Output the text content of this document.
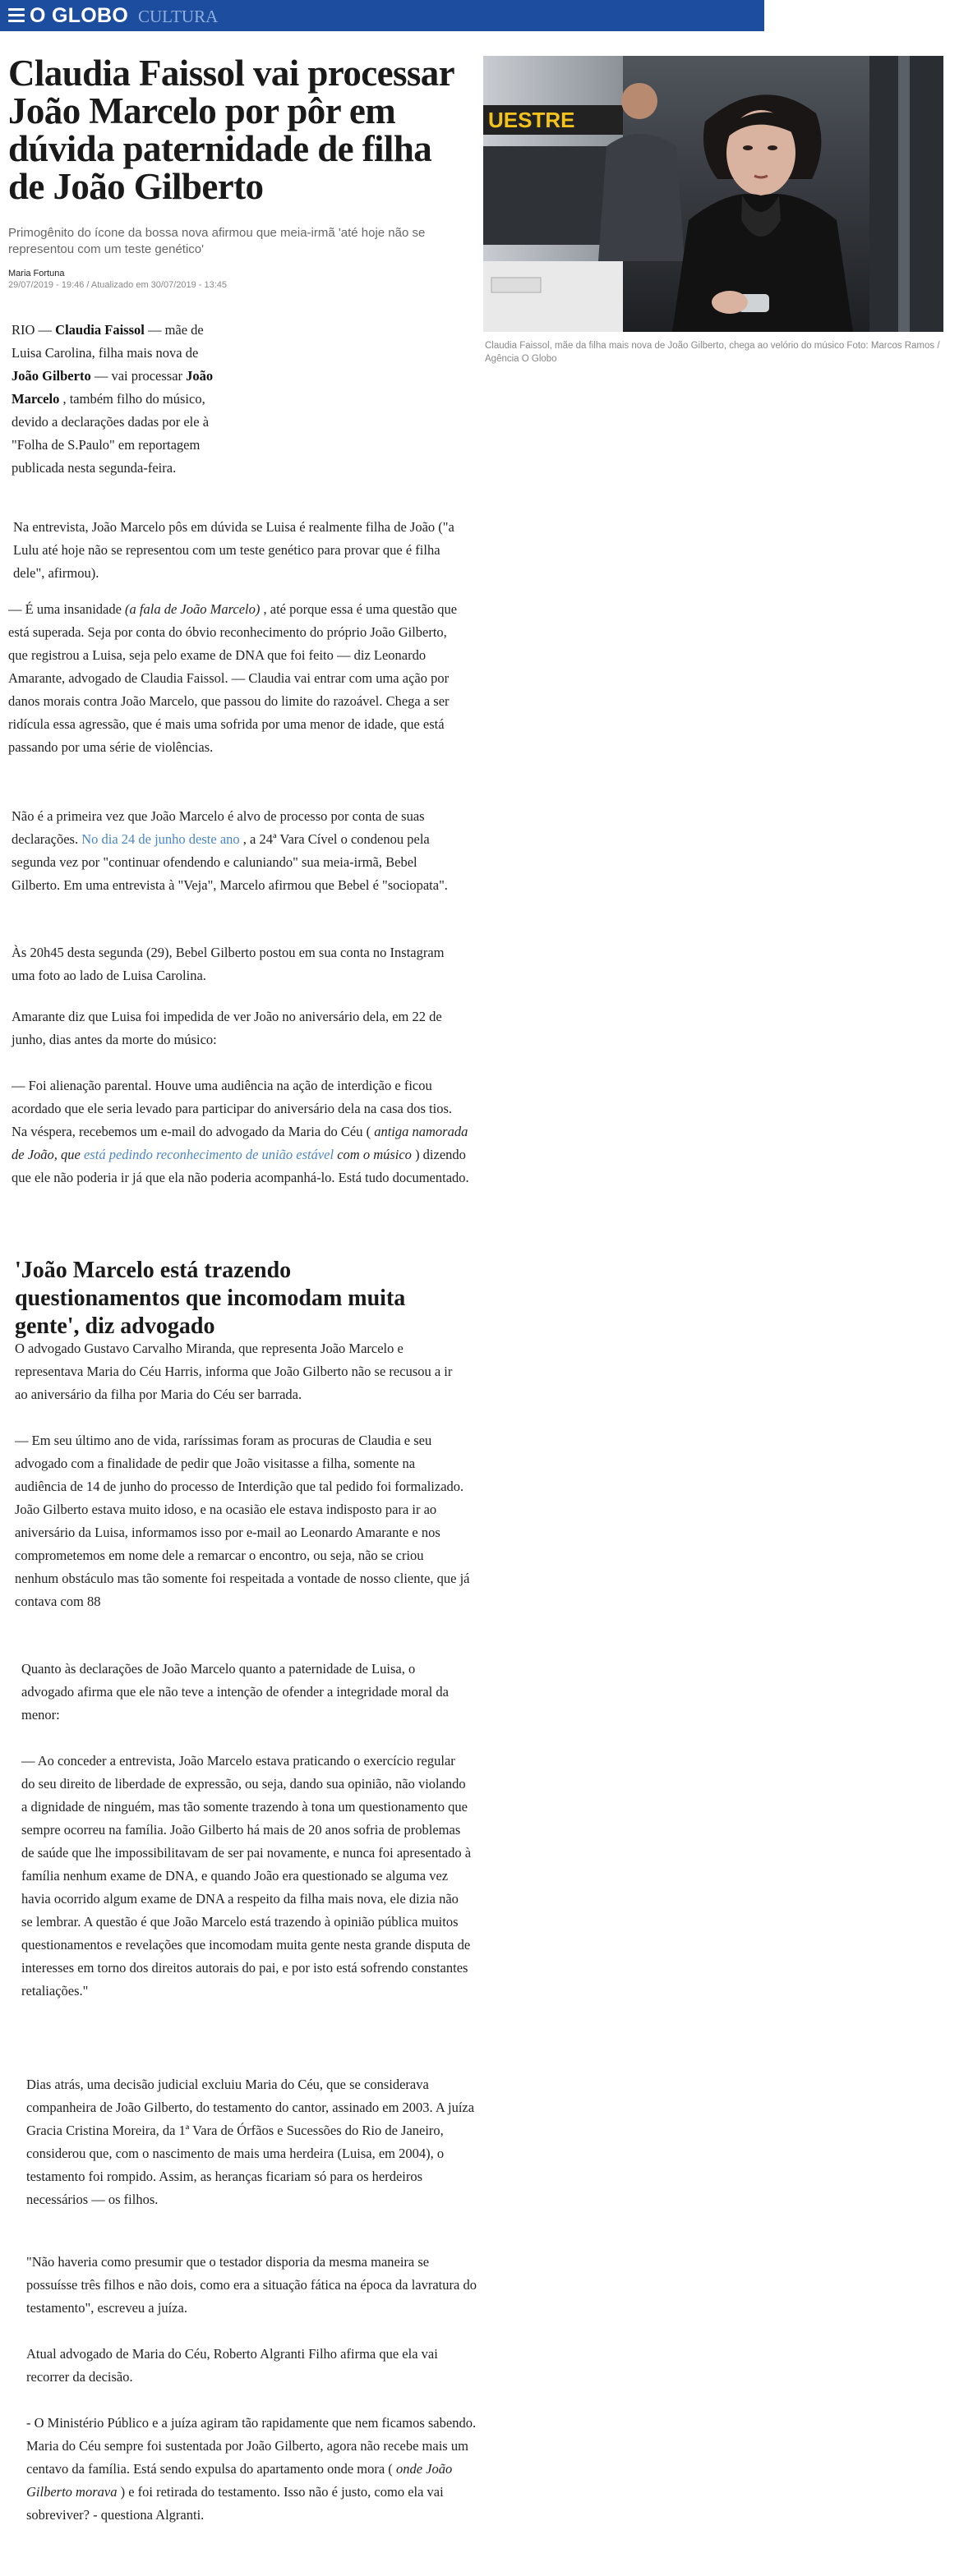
O GLOBO CULTURA
Claudia Faissol vai processar João Marcelo por pôr em dúvida paternidade de filha de João Gilberto

Primogênito do ícone da bossa nova afirmou que meia-irmã 'até hoje não se representou com um teste genético'

Maria Fortuna
29/07/2019 - 19:46 / Atualizado em 30/07/2019 - 13:45
UESTRE

Claudia Faissol, mãe da filha mais nova de João Gilberto, chega ao velório do músico Foto: Marcos Ramos / Agência O Globo

RIO — Claudia Faissol — mãe de Luisa Carolina, filha mais nova de João Gilberto — vai processar João Marcelo , também filho do músico, devido a declarações dadas por ele à "Folha de S.Paulo" em reportagem publicada nesta segunda-feira.

Na entrevista, João Marcelo pôs em dúvida se Luisa é realmente filha de João ("a Lulu até hoje não se representou com um teste genético para provar que é filha dele", afirmou).

— É uma insanidade (a fala de João Marcelo) , até porque essa é uma questão que está superada. Seja por conta do óbvio reconhecimento do próprio João Gilberto, que registrou a Luisa, seja pelo exame de DNA que foi feito — diz Leonardo Amarante, advogado de Claudia Faissol. — Claudia vai entrar com uma ação por danos morais contra João Marcelo, que passou do limite do razoável. Chega a ser ridícula essa agressão, que é mais uma sofrida por uma menor de idade, que está passando por uma série de violências.

Não é a primeira vez que João Marcelo é alvo de processo por conta de suas declarações. No dia 24 de junho deste ano , a 24ª Vara Cível o condenou pela segunda vez por "continuar ofendendo e caluniando" sua meia-irmã, Bebel Gilberto. Em uma entrevista à "Veja", Marcelo afirmou que Bebel é "sociopata".

Às 20h45 desta segunda (29), Bebel Gilberto postou em sua conta no Instagram uma foto ao lado de Luisa Carolina.

Amarante diz que Luisa foi impedida de ver João no aniversário dela, em 22 de junho, dias antes da morte do músico:

— Foi alienação parental. Houve uma audiência na ação de interdição e ficou acordado que ele seria levado para participar do aniversário dela na casa dos tios. Na véspera, recebemos um e-mail do advogado da Maria do Céu ( antiga namorada de João, que está pedindo reconhecimento de união estável com o músico ) dizendo que ele não poderia ir já que ela não poderia acompanhá-lo. Está tudo documentado.

'João Marcelo está trazendo questionamentos que incomodam muita gente', diz advogado

O advogado Gustavo Carvalho Miranda, que representa João Marcelo e representava Maria do Céu Harris, informa que João Gilberto não se recusou a ir ao aniversário da filha por Maria do Céu ser barrada.

— Em seu último ano de vida, raríssimas foram as procuras de Claudia e seu advogado com a finalidade de pedir que João visitasse a filha, somente na audiência de 14 de junho do processo de Interdição que tal pedido foi formalizado. João Gilberto estava muito idoso, e na ocasião ele estava indisposto para ir ao aniversário da Luisa, informamos isso por e-mail ao Leonardo Amarante e nos comprometemos em nome dele a remarcar o encontro, ou seja, não se criou nenhum obstáculo mas tão somente foi respeitada a vontade de nosso cliente, que já contava com 88

Quanto às declarações de João Marcelo quanto a paternidade de Luisa, o advogado afirma que ele não teve a intenção de ofender a integridade moral da menor:

— Ao conceder a entrevista, João Marcelo estava praticando o exercício regular do seu direito de liberdade de expressão, ou seja, dando sua opinião, não violando a dignidade de ninguém, mas tão somente trazendo à tona um questionamento que sempre ocorreu na família. João Gilberto há mais de 20 anos sofria de problemas de saúde que lhe impossibilitavam de ser pai novamente, e nunca foi apresentado à família nenhum exame de DNA, e quando João era questionado se alguma vez havia ocorrido algum exame de DNA a respeito da filha mais nova, ele dizia não se lembrar. A questão é que João Marcelo está trazendo à opinião pública muitos questionamentos e revelações que incomodam muita gente nesta grande disputa de interesses em torno dos direitos autorais do pai, e por isto está sofrendo constantes retaliações."

Dias atrás, uma decisão judicial excluiu Maria do Céu, que se considerava companheira de João Gilberto, do testamento do cantor, assinado em 2003. A juíza Gracia Cristina Moreira, da 1ª Vara de Órfãos e Sucessões do Rio de Janeiro, considerou que, com o nascimento de mais uma herdeira (Luisa, em 2004), o testamento foi rompido. Assim, as heranças ficariam só para os herdeiros necessários — os filhos.

"Não haveria como presumir que o testador disporia da mesma maneira se possuísse três filhos e não dois, como era a situação fática na época da lavratura do testamento", escreveu a juíza.

Atual advogado de Maria do Céu, Roberto Algranti Filho afirma que ela vai recorrer da decisão.

- O Ministério Público e a juíza agiram tão rapidamente que nem ficamos sabendo. Maria do Céu sempre foi sustentada por João Gilberto, agora não recebe mais um centavo da família. Está sendo expulsa do apartamento onde mora ( onde João Gilberto morava ) e foi retirada do testamento. Isso não é justo, como ela vai sobreviver? - questiona Algranti.
